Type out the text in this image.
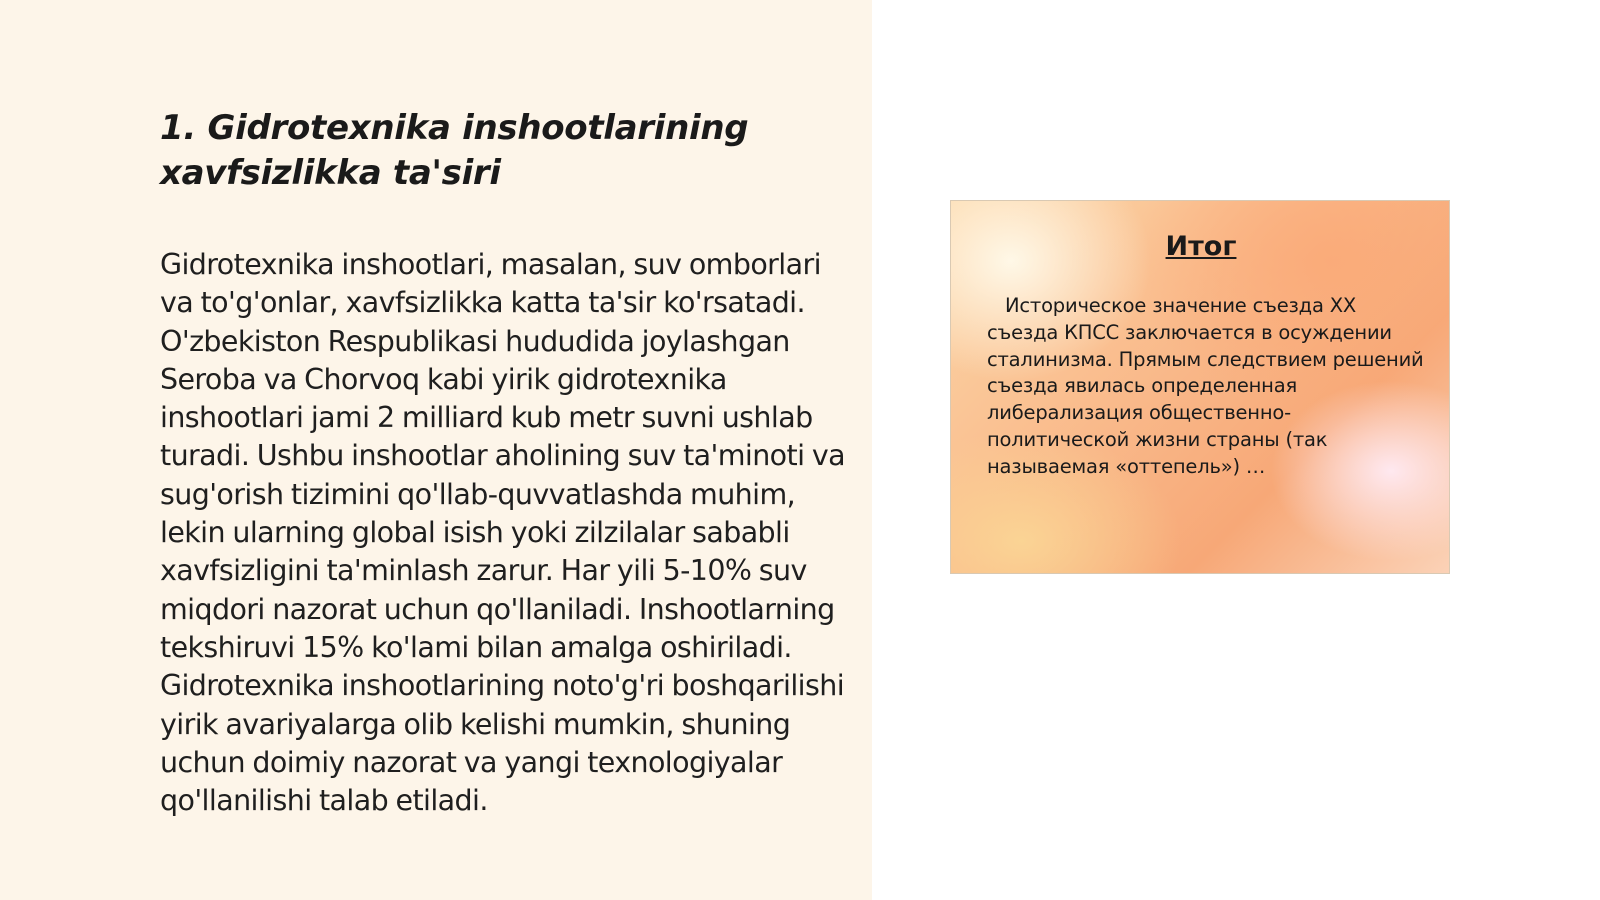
1. Gidrotexnika inshootlarining xavfsizlikka ta'siri

Gidrotexnika inshootlari, masalan, suv omborlari va to'g'onlar, xavfsizlikka katta ta'sir ko'rsatadi. O'zbekiston Respublikasi hududida joylashgan Seroba va Chorvoq kabi yirik gidrotexnika inshootlari jami 2 milliard kub metr suvni ushlab turadi. Ushbu inshootlar aholining suv ta'minoti va sug'orish tizimini qo'llab-quvvatlashda muhim, lekin ularning global isish yoki zilzilalar sababli xavfsizligini ta'minlash zarur. Har yili 5-10% suv miqdori nazorat uchun qo'llaniladi. Inshootlarning tekshiruvi 15% ko'lami bilan amalga oshiriladi. Gidrotexnika inshootlarining noto'g'ri boshqarilishi yirik avariyalarga olib kelishi mumkin, shuning uchun doimiy nazorat va yangi texnologiyalar qo'llanilishi talab etiladi.

Итог

Историческое значение съезда XX съезда КПСС заключается в осуждении сталинизма. Прямым следствием решений съезда явилась определенная либерализация общественно-политической жизни страны (так называемая «оттепель») …
